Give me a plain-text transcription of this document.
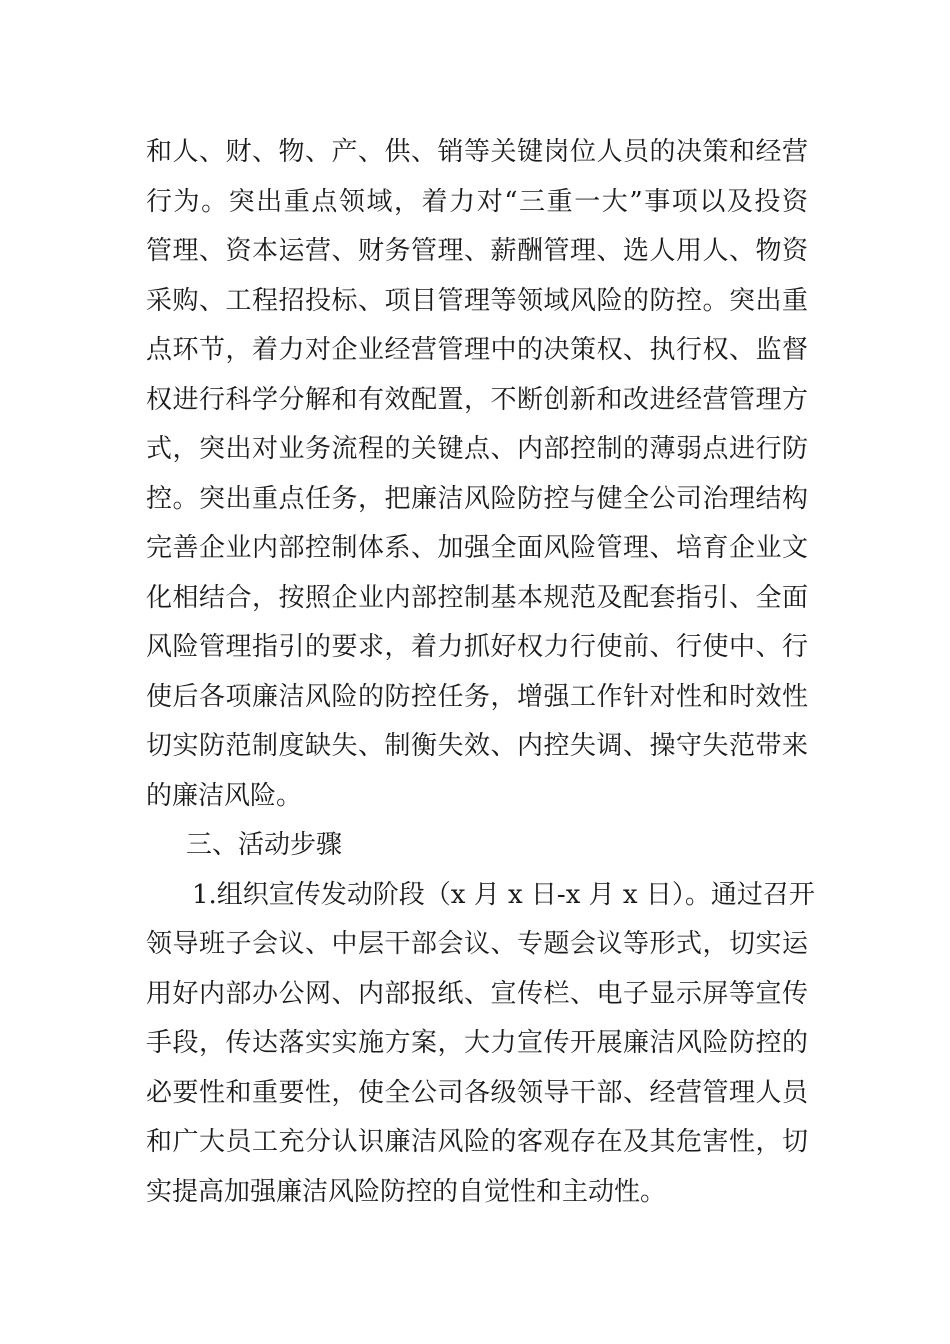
和人、财、物、产、供、销等关键岗位人员的决策和经营
行为。突出重点领域，着力对“三重一大”事项以及投资
管理、资本运营、财务管理、薪酬管理、选人用人、物资
采购、工程招投标、项目管理等领域风险的防控。突出重
点环节，着力对企业经营管理中的决策权、执行权、监督
权进行科学分解和有效配置，不断创新和改进经营管理方
式，突出对业务流程的关键点、内部控制的薄弱点进行防
控。突出重点任务，把廉洁风险防控与健全公司治理结构
完善企业内部控制体系、加强全面风险管理、培育企业文
化相结合，按照企业内部控制基本规范及配套指引、全面
风险管理指引的要求，着力抓好权力行使前、行使中、行
使后各项廉洁风险的防控任务，增强工作针对性和时效性
切实防范制度缺失、制衡失效、内控失调、操守失范带来
的廉洁风险。
三、活动步骤
1.组织宣传发动阶段（x 月 x 日-x 月 x 日）。通过召开
领导班子会议、中层干部会议、专题会议等形式，切实运
用好内部办公网、内部报纸、宣传栏、电子显示屏等宣传
手段，传达落实实施方案，大力宣传开展廉洁风险防控的
必要性和重要性，使全公司各级领导干部、经营管理人员
和广大员工充分认识廉洁风险的客观存在及其危害性，切
实提高加强廉洁风险防控的自觉性和主动性。
